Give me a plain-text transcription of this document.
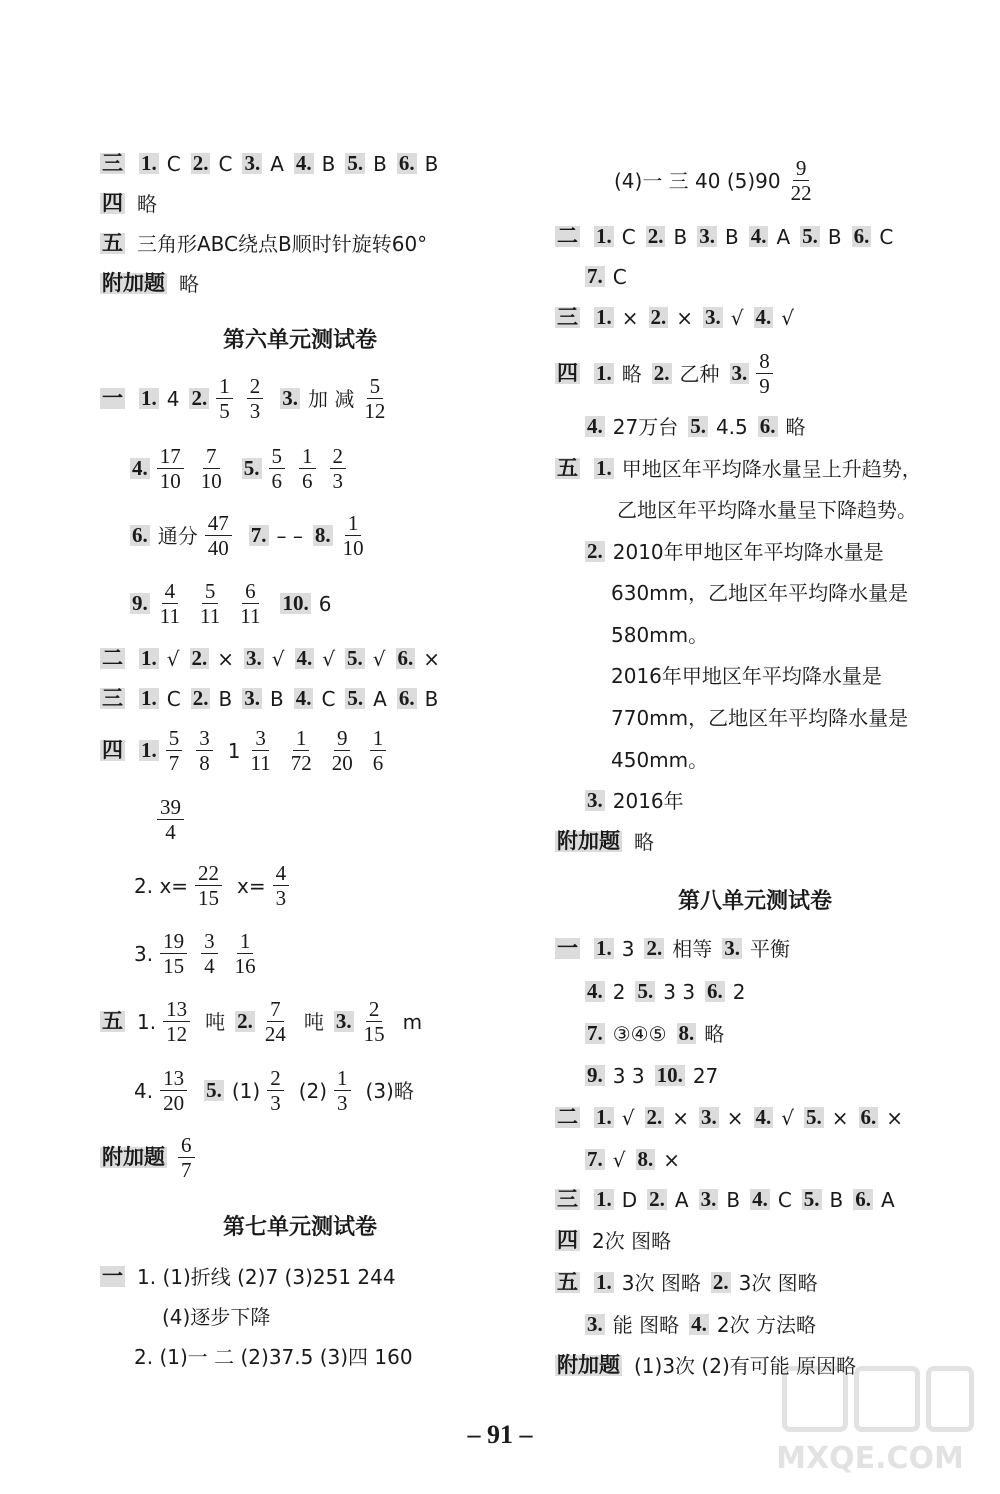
三 1. C 2. C 3. A 4. B 5. B 6. B
四 略
五 三角形ABC绕点B顺时针旋转60°
附加题 略
一 1. 4 2. $\frac{1}{5} \frac{2}{3} 3$. 加 减 $\frac{5}{12}$
4. $\frac{17}{10} \frac{7}{10} 5$. $\frac{5}{6} \frac{1}{6} \frac{2}{3}$
6. 通分 $\frac{47}{40} 7$. – – 8. $\frac{1}{10}$
9. $\frac{4}{11} \frac{5}{11} \frac{6}{11} 10$. 6
二 1. √ 2. × 3. √ 4. √ 5. √ 6. ×
三 1. C 2. B 3. B 4. C 5. A 6. B
四 1. $\frac{5}{7} \frac{3}{8} 1 \frac{3}{11} \frac{1}{72} \frac{9}{20} \frac{1}{6}$
$\frac{39}{4}$
2. $x= \frac{22}{15} x= \frac{4}{3}$
3. $\frac{19}{15} \frac{3}{4} \frac{1}{16}$
五 1. $\frac{13}{12}$ 吨 2. $\frac{7}{24}$ 吨 3. $\frac{2}{15}$ m
4. $\frac{13}{20} 5$. $(1) \frac{2}{3} (2) \frac{1}{3} (3)$略
附加题 $\frac{6}{7}$
一 1. (1)折线 (2)7 (3)251 244
(4)逐步下降
2. (1)一 二 (2)37.5 (3)四 160
(4)一 三 40 $(5)90 \frac{9}{22}$
二 1. C 2. B 3. B 4. A 5. B 6. C
7. C
三 1. × 2. × 3. √ 4. √
四 1. 略 2. 乙种 3. $\frac{8}{9}$
4. 27万台 5. 4.5 6. 略
五 1. 甲地区年平均降水量呈上升趋势，
乙地区年平均降水量呈下降趋势。
2. 2010年甲地区年平均降水量是
630mm，乙地区年平均降水量是
580mm。
2016年甲地区年平均降水量是
770mm，乙地区年平均降水量是
450mm。
3. 2016年
附加题 略
一 1. 3 2. 相等 3. 平衡
4. 2 5. 3 3 6. 2
7. ③④⑤ 8. 略
9. 3 3 10. 27
二 1. √ 2. × 3. × 4. √ 5. × 6. ×
7. √ 8. ×
三 1. D 2. A 3. B 4. C 5. B 6. A
四 2次 图略
五 1. 3次 图略 2. 3次 图略
3. 能 图略 4. 2次 方法略
附加题 (1)3次 (2)有可能 原因略
第六单元测试卷
第七单元测试卷
第八单元测试卷
– 91 –
MXQE.COM
